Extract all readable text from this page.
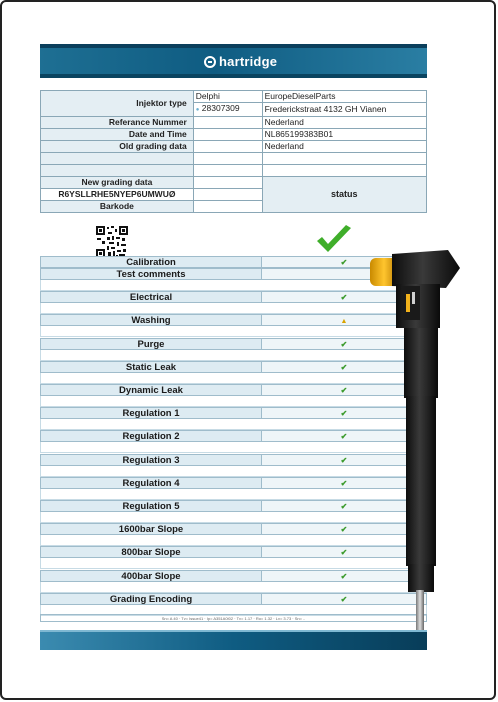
hartridge
Injektor type	Delphi	EuropeDieselParts
	● 28307309	Frederickstraat 4132 GH Vianen
Referance Nummer		Nederland
Date and Time		NL865199383B01
Old grading data		Nederland

New grading data		status
R6YSLLRHE5NYEP6UMWUØ		
Barkode		
Calibration	✔
Test comments
Electrical	✔
Washing	▲
Purge	✔
Static Leak	✔
Dynamic Leak	✔
Regulation 1	✔
Regulation 2	✔
Regulation 3	✔
Regulation 4	✔
Regulation 5	✔
1600bar Slope	✔
800bar Slope	✔
400bar Slope	✔
Grading Encoding	✔
Sn= A 40 · Tv= Issue41 · Ip= A351A0I02 · Tv= 1.17 · Ro= 1.32 · Lv= 3.73 · Sn= ..
